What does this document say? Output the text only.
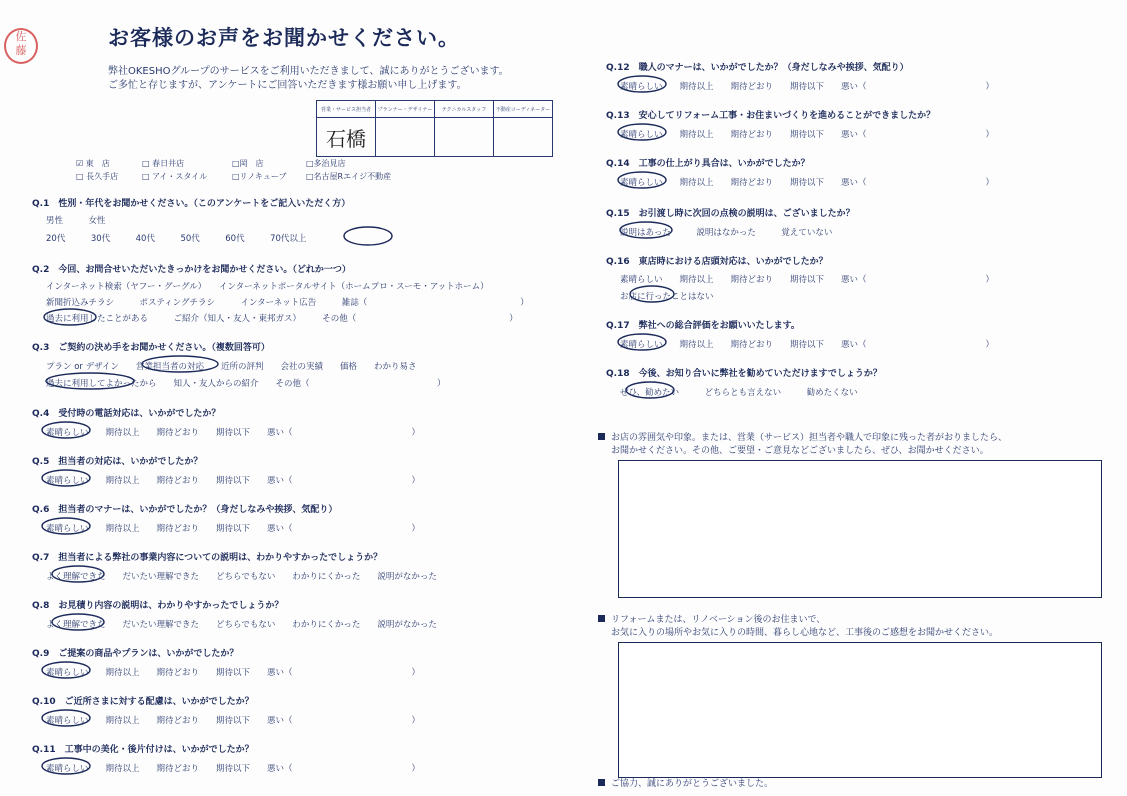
佐
藤
お客様のお声をお聞かせください。
弊社OKESHOグループのサービスをご利用いただきまして、誠にありがとうございます。
ご多忙と存じますが、アンケートにご回答いただきます様お願い申し上げます。
営業・サービス担当者	プランナー・デザイナー	テクニカルスタッフ	不動産コーディネーター
石橋			
☑ 東　店	□ 春日井店	□岡　店	□多治見店
□ 長久手店	□ アイ・スタイル	□リノキューブ □名古屋Rエイジ不動産
Q.1　性別・年代をお聞かせください。（このアンケートをご記入いただく方）
男性　　　女性
20代　　　30代　　　40代　　　50代　　　60代　　　70代以上
Q.2　今回、お問合せいただいたきっかけをお聞かせください。（どれか一つ）
インターネット検索（ヤフー・グーグル）　　インターネットポータルサイト（ホームプロ・スーモ・アットホーム）
新聞折込みチラシ　　　ポスティングチラシ　　　インターネット広告　　　雑誌（　　　　　　　　　　　　　　　　　　）
過去に利用したことがある　　　ご紹介（知人・友人・東邦ガス）　　　その他（　　　　　　　　　　　　　　　　　　）
Q.3　ご契約の決め手をお聞かせください。（複数回答可）
プラン or デザイン　　営業担当者の対応　　近所の評判　　会社の実績　　価格　　わかり易さ
過去に利用してよかったから　　知人・友人からの紹介　　その他（　　　　　　　　　　　　　　　）
Q.4　受付時の電話対応は、いかがでしたか？
素晴らしい　　期待以上　　期待どおり　　期待以下　　悪い（　　　　　　　　　　　　　　）
Q.5　担当者の対応は、いかがでしたか？
素晴らしい　　期待以上　　期待どおり　　期待以下　　悪い（　　　　　　　　　　　　　　）
Q.6　担当者のマナーは、いかがでしたか？（身だしなみや挨拶、気配り）
素晴らしい　　期待以上　　期待どおり　　期待以下　　悪い（　　　　　　　　　　　　　　）
Q.7　担当者による弊社の事業内容についての説明は、わかりやすかったでしょうか？
よく理解できた　　だいたい理解できた　　どちらでもない　　わかりにくかった　　説明がなかった
Q.8　お見積り内容の説明は、わかりやすかったでしょうか？
よく理解できた　　だいたい理解できた　　どちらでもない　　わかりにくかった　　説明がなかった
Q.9　ご提案の商品やプランは、いかがでしたか？
素晴らしい　　期待以上　　期待どおり　　期待以下　　悪い（　　　　　　　　　　　　　　）
Q.10　ご近所さまに対する配慮は、いかがでしたか？
素晴らしい　　期待以上　　期待どおり　　期待以下　　悪い（　　　　　　　　　　　　　　）
Q.11　工事中の美化・後片付けは、いかがでしたか？
素晴らしい　　期待以上　　期待どおり　　期待以下　　悪い（　　　　　　　　　　　　　　）
Q.12　職人のマナーは、いかがでしたか？（身だしなみや挨拶、気配り）
素晴らしい　　期待以上　　期待どおり　　期待以下　　悪い（　　　　　　　　　　　　　　）
Q.13　安心してリフォーム工事・お住まいづくりを進めることができましたか？
素晴らしい　　期待以上　　期待どおり　　期待以下　　悪い（　　　　　　　　　　　　　　）
Q.14　工事の仕上がり具合は、いかがでしたか？
素晴らしい　　期待以上　　期待どおり　　期待以下　　悪い（　　　　　　　　　　　　　　）
Q.15　お引渡し時に次回の点検の説明は、ございましたか？
説明はあった　　　説明はなかった　　　覚えていない
Q.16　東店時における店頭対応は、いかがでしたか？
素晴らしい　　期待以上　　期待どおり　　期待以下　　悪い（　　　　　　　　　　　　　　）
お店に行ったことはない
Q.17　弊社への総合評価をお願いいたします。
素晴らしい　　期待以上　　期待どおり　　期待以下　　悪い（　　　　　　　　　　　　　　）
Q.18　今後、お知り合いに弊社を勧めていただけますでしょうか？
ぜひ、勧めたい　　　どちらとも言えない　　　勧めたくない
お店の雰囲気や印象。または、営業（サービス）担当者や職人で印象に残った者がおりましたら、
お聞かせください。その他、ご要望・ご意見などございましたら、ぜひ、お聞かせください。
リフォームまたは、リノベーション後のお住まいで、
お気に入りの場所やお気に入りの時間、暮らし心地など、工事後のご感想をお聞かせください。
ご協力、誠にありがとうございました。
